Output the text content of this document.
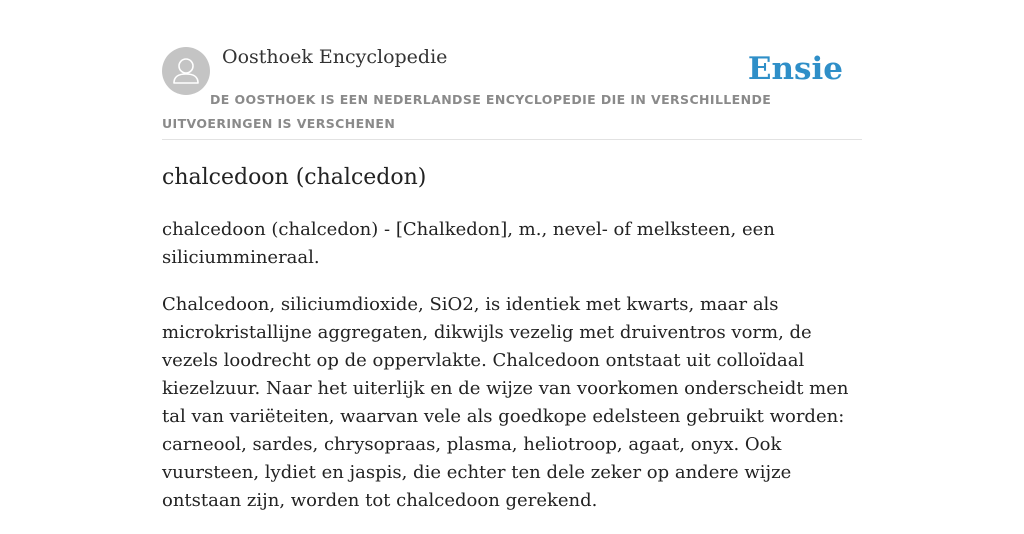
Oosthoek Encyclopedie	Ensie
DE OOSTHOEK IS EEN NEDERLANDSE ENCYCLOPEDIE DIE IN VERSCHILLENDE UITVOERINGEN IS VERSCHENEN
chalcedoon (chalcedon)

chalcedoon (chalcedon) - [Chalkedon], m., nevel- of melksteen, een siliciummineraal.

Chalcedoon, siliciumdioxide, SiO2, is identiek met kwarts, maar als microkristallijne aggregaten, dikwijls vezelig met druiventros vorm, de vezels loodrecht op de oppervlakte. Chalcedoon ontstaat uit colloïdaal kiezelzuur. Naar het uiterlijk en de wijze van voorkomen onderscheidt men tal van variëteiten, waarvan vele als goedkope edelsteen gebruikt worden: carneool, sardes, chrysopraas, plasma, heliotroop, agaat, onyx. Ook vuursteen, lydiet en jaspis, die echter ten dele zeker op andere wijze ontstaan zijn, worden tot chalcedoon gerekend.
